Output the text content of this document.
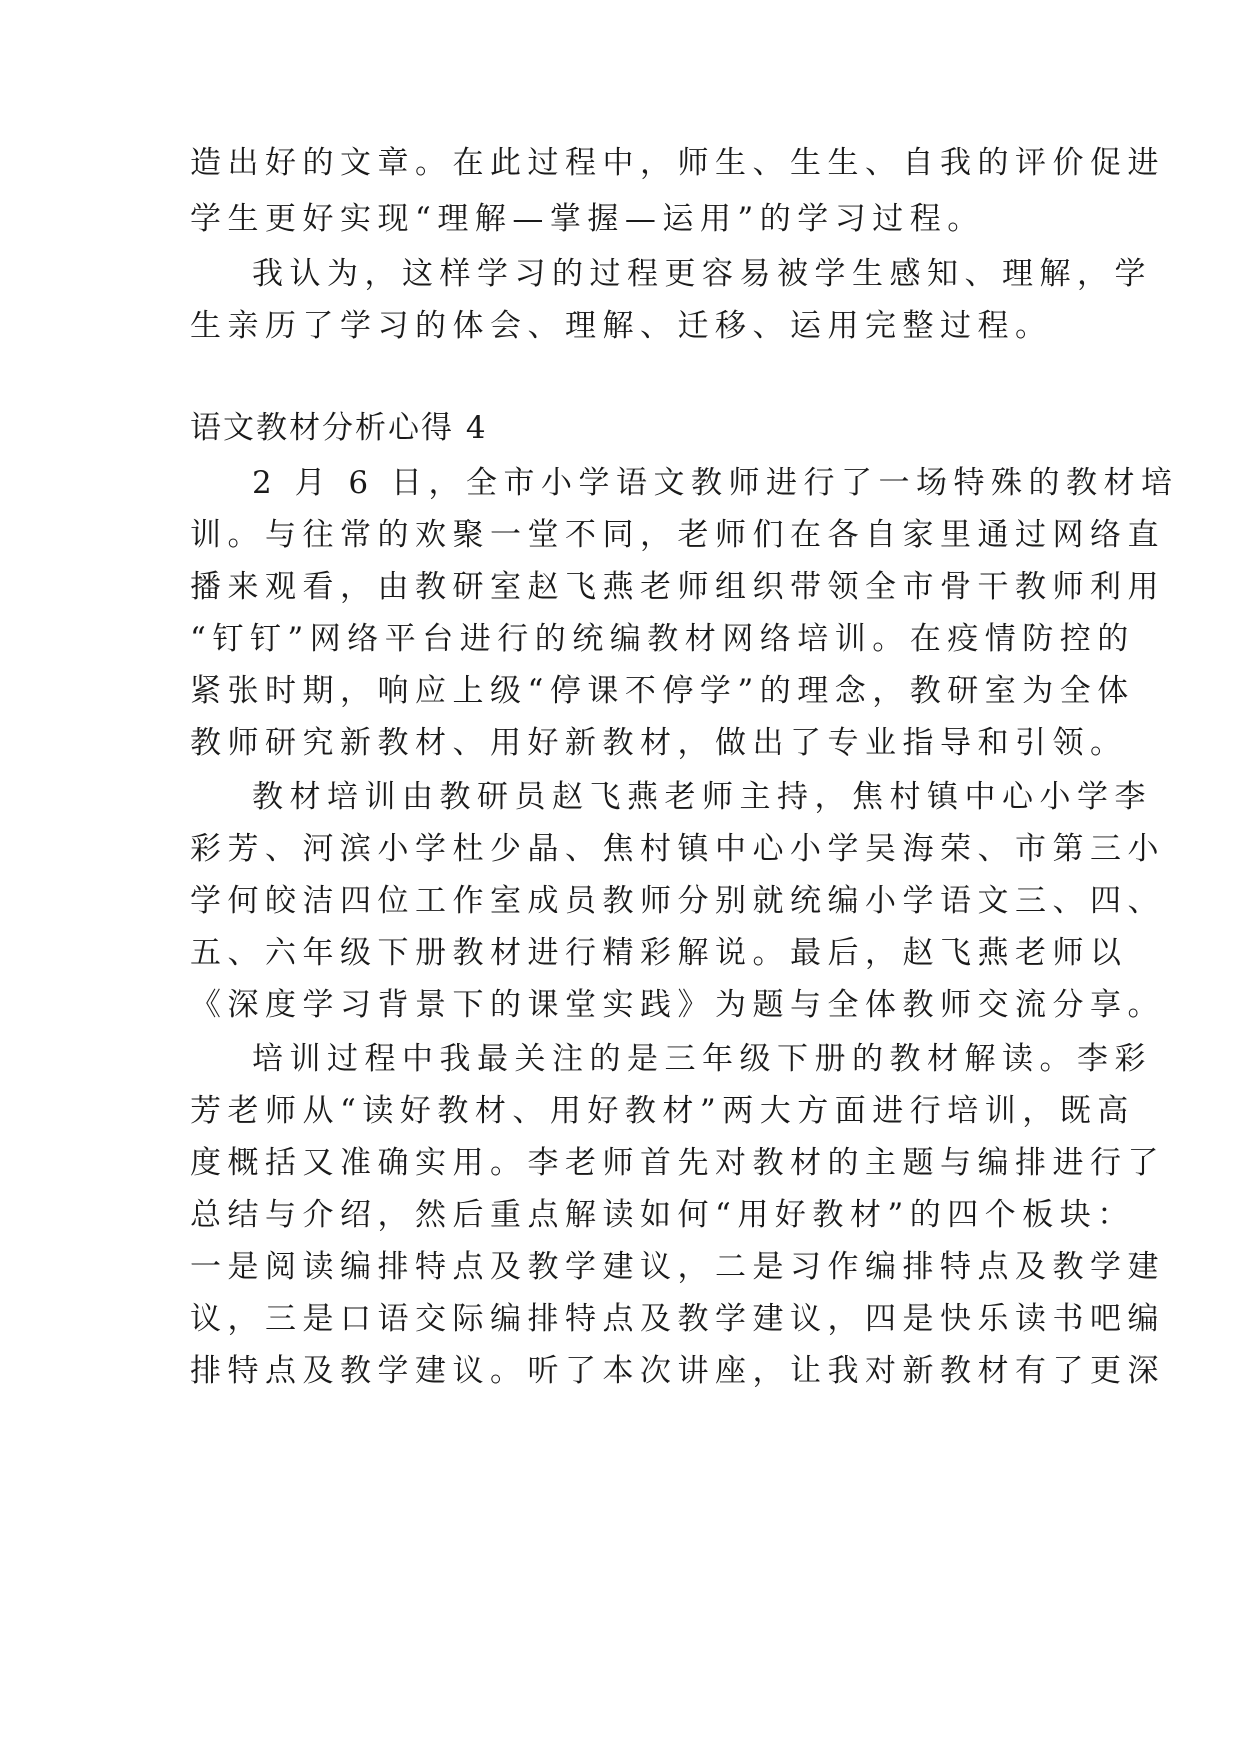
造出好的文章。在此过程中，师生、生生、自我的评价促进
学生更好实现“理解—掌握—运用”的学习过程。
我认为，这样学习的过程更容易被学生感知、理解，学
生亲历了学习的体会、理解、迁移、运用完整过程。
语文教材分析心得 4
2 月 6 日，全市小学语文教师进行了一场特殊的教材培
训。与往常的欢聚一堂不同，老师们在各自家里通过网络直
播来观看，由教研室赵飞燕老师组织带领全市骨干教师利用
“钉钉”网络平台进行的统编教材网络培训。在疫情防控的
紧张时期，响应上级“停课不停学”的理念，教研室为全体
教师研究新教材、用好新教材，做出了专业指导和引领。
教材培训由教研员赵飞燕老师主持，焦村镇中心小学李
彩芳、河滨小学杜少晶、焦村镇中心小学吴海荣、市第三小
学何皎洁四位工作室成员教师分别就统编小学语文三、四、
五、六年级下册教材进行精彩解说。最后，赵飞燕老师以
《深度学习背景下的课堂实践》为题与全体教师交流分享。
培训过程中我最关注的是三年级下册的教材解读。李彩
芳老师从“读好教材、用好教材”两大方面进行培训，既高
度概括又准确实用。李老师首先对教材的主题与编排进行了
总结与介绍，然后重点解读如何“用好教材”的四个板块：
一是阅读编排特点及教学建议，二是习作编排特点及教学建
议，三是口语交际编排特点及教学建议，四是快乐读书吧编
排特点及教学建议。听了本次讲座，让我对新教材有了更深
